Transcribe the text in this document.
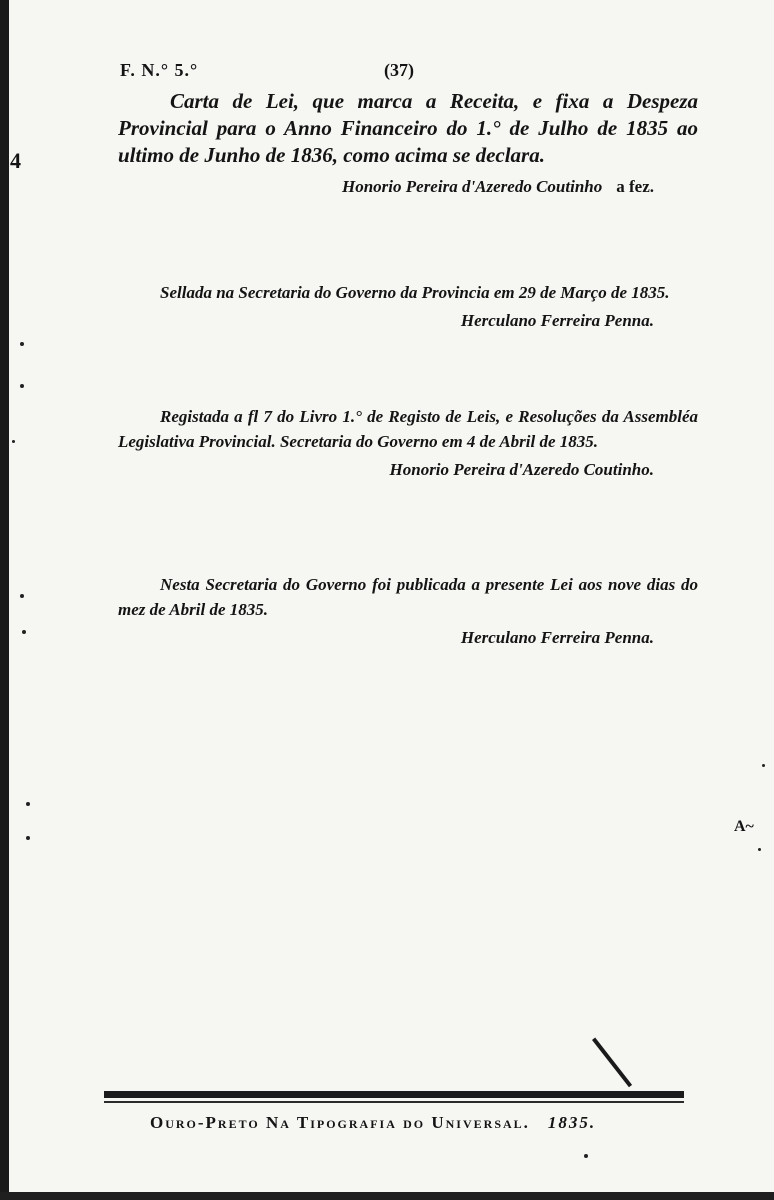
F. N.° 5.°	(37)

Carta de Lei, que marca a Receita, e fixa a Despeza Provincial para o Anno Financeiro do 1.° de Julho de 1835 ao ultimo de Junho de 1836, como acima se declara.

Honorio Pereira d'Azeredo Coutinho a fez.

Sellada na Secretaria do Governo da Provincia em 29 de Março de 1835.

Herculano Ferreira Penna.

Registada a fl 7 do Livro 1.° de Registo de Leis, e Resoluções da Assembléa Legislativa Provincial. Secretaria do Governo em 4 de Abril de 1835.

Honorio Pereira d'Azeredo Coutinho.

Nesta Secretaria do Governo foi publicada a presente Lei aos nove dias do mez de Abril de 1835.

Herculano Ferreira Penna.

Ouro-Preto Na Tipografia do Universal. 1835.
4
A~
